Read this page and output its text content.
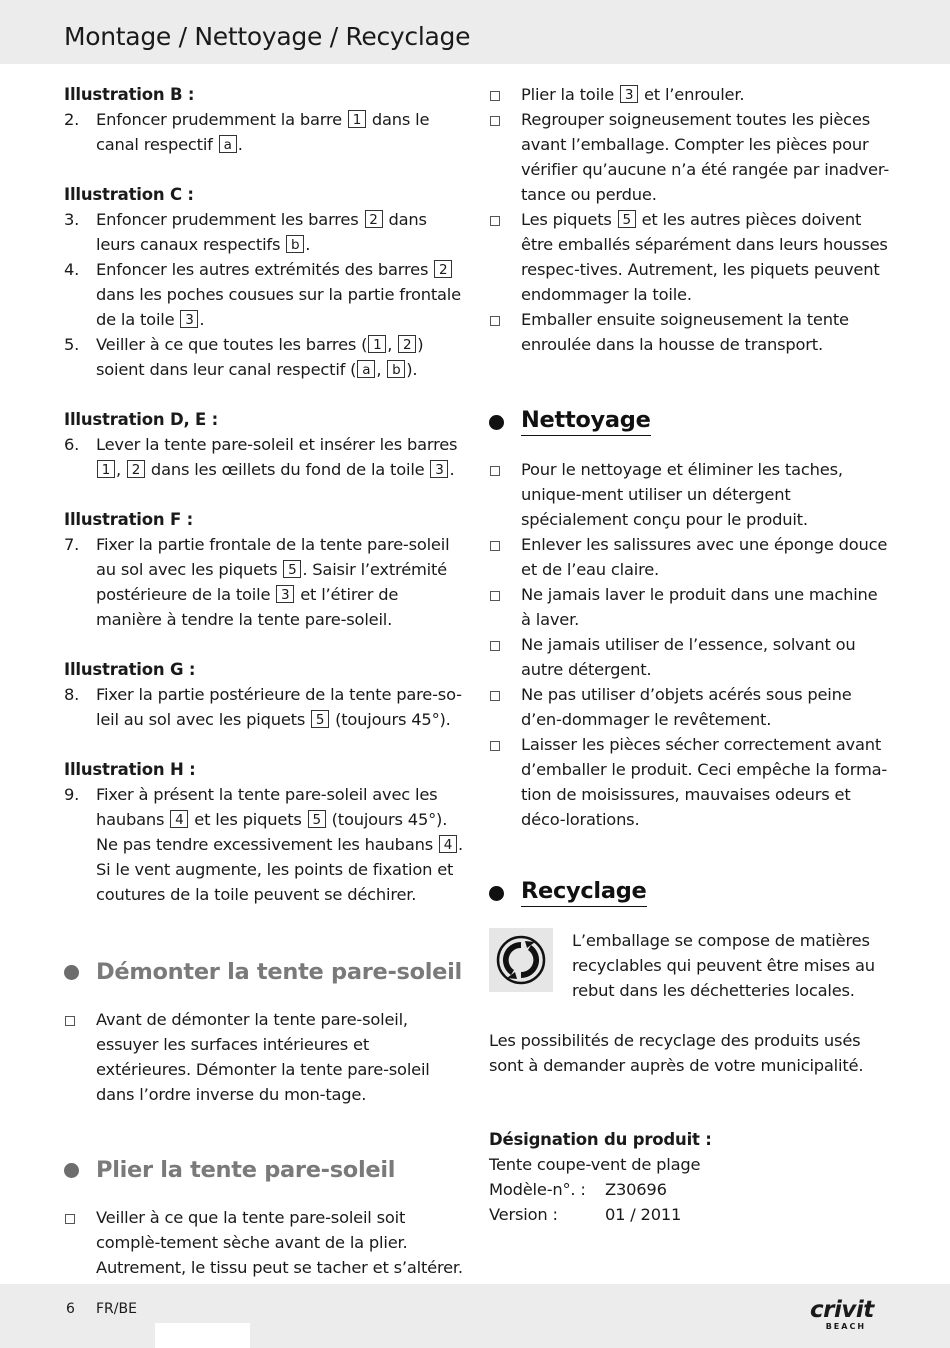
Montage / Nettoyage / Recyclage

Illustration B :

2. Enfoncer prudemment la barre 1 dans le canal respectif a .

Illustration C :

3. Enfoncer prudemment les barres 2 dans leurs canaux respectifs b .
4. Enfoncer les autres extrémités des barres 2 dans les poches cousues sur la partie frontale de la toile 3 .
5. Veiller à ce que toutes les barres ( 1 , 2 ) soient dans leur canal respectif ( a , b ).

Illustration D, E :

6. Lever la tente pare-soleil et insérer les barres 1 , 2 dans les œillets du fond de la toile 3 .

Illustration F :

7. Fixer la partie frontale de la tente pare-soleil au sol avec les piquets 5 . Saisir l’extrémité postérieure de la toile 3 et l’étirer de manière à tendre la tente pare-soleil.

Illustration G :

8. Fixer la partie postérieure de la tente pare-so-leil au sol avec les piquets 5 (toujours 45°).

Illustration H :

9. Fixer à présent la tente pare-soleil avec les haubans 4 et les piquets 5 (toujours 45°). Ne pas tendre excessivement les haubans 4 . Si le vent augmente, les points de fixation et coutures de la toile peuvent se déchirer.
Démonter la tente pare-soleil
Avant de démonter la tente pare-soleil, essuyer les surfaces intérieures et extérieures. Démonter la tente pare-soleil dans l’ordre inverse du mon-tage.
Plier la tente pare-soleil
Veiller à ce que la tente pare-soleil soit complè-tement sèche avant de la plier. Autrement, le tissu peut se tacher et s’altérer.
Plier la toile 3 et l’enrouler.
Regrouper soigneusement toutes les pièces avant l’emballage. Compter les pièces pour vérifier qu’aucune n’a été rangée par inadver-tance ou perdue.
Les piquets 5 et les autres pièces doivent être emballés séparément dans leurs housses respec-tives. Autrement, les piquets peuvent endommager la toile.
Emballer ensuite soigneusement la tente enroulée dans la housse de transport.
Nettoyage
Pour le nettoyage et éliminer les taches, unique-ment utiliser un détergent spécialement conçu pour le produit.
Enlever les salissures avec une éponge douce et de l’eau claire.
Ne jamais laver le produit dans une machine à laver.
Ne jamais utiliser de l’essence, solvant ou autre détergent.
Ne pas utiliser d’objets acérés sous peine d’en-dommager le revêtement.
Laisser les pièces sécher correctement avant d’emballer le produit. Ceci empêche la forma-tion de moisissures, mauvaises odeurs et déco-lorations.
Recyclage
L’emballage se compose de matières recyclables qui peuvent être mises au rebut dans les déchetteries locales.
Les possibilités de recyclage des produits usés sont à demander auprès de votre municipalité.
Désignation du produit :
Tente coupe-vent de plage
Modèle-n°. :	Z30696
Version :	01 / 2011
6 FR/BE	crivit
BEACH
